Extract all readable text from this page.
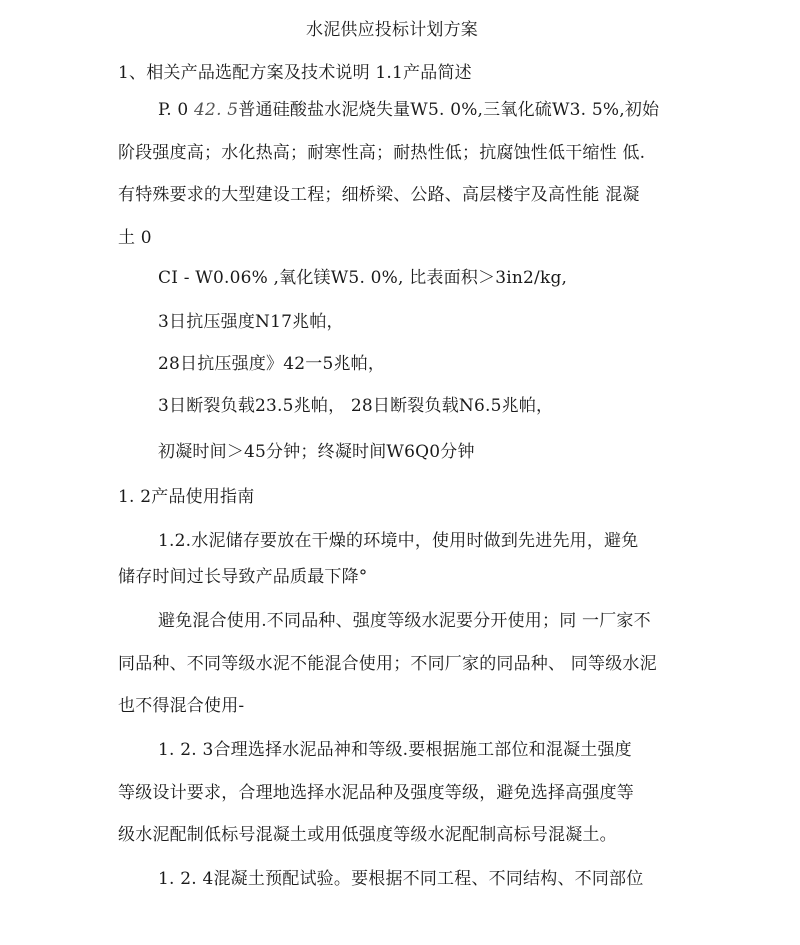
水泥供应投标计划方案
1、相关产品选配方案及技术说明 1.1产品简述
P. 0 42. 5普通硅酸盐水泥烧失量W5. 0%,三氧化硫W3. 5%,初始
阶段强度高；水化热高；耐寒性高；耐热性低；抗腐蚀性低干缩性 低.
有特殊要求的大型建设工程；细桥梁、公路、高层楼宇及高性能 混凝
土 0
CI - W0.06% ,氧化镁W5. 0%, 比表面积＞3in2/kg,
3日抗压强度N17兆帕，
28日抗压强度》42一5兆帕，
3日断裂负载23.5兆帕， 28日断裂负载N6.5兆帕，
初凝时间＞45分钟；终凝时间W6Q0分钟
1. 2产品使用指南
1.2.水泥储存要放在干燥的环境中，使用时做到先进先用，避免
储存时间过长导致产品质最下降°
避免混合使用.不同品种、强度等级水泥要分开使用；同 一厂家不
同品种、不同等级水泥不能混合使用；不同厂家的同品种、 同等级水泥
也不得混合使用-
1. 2. 3合理选择水泥品神和等级.要根据施工部位和混凝土强度
等级设计要求，合理地选择水泥品种及强度等级，避免选择高强度等
级水泥配制低标号混凝土或用低强度等级水泥配制高标号混凝土。
1. 2. 4混凝土预配试验。要根据不同工程、不同结构、不同部位
